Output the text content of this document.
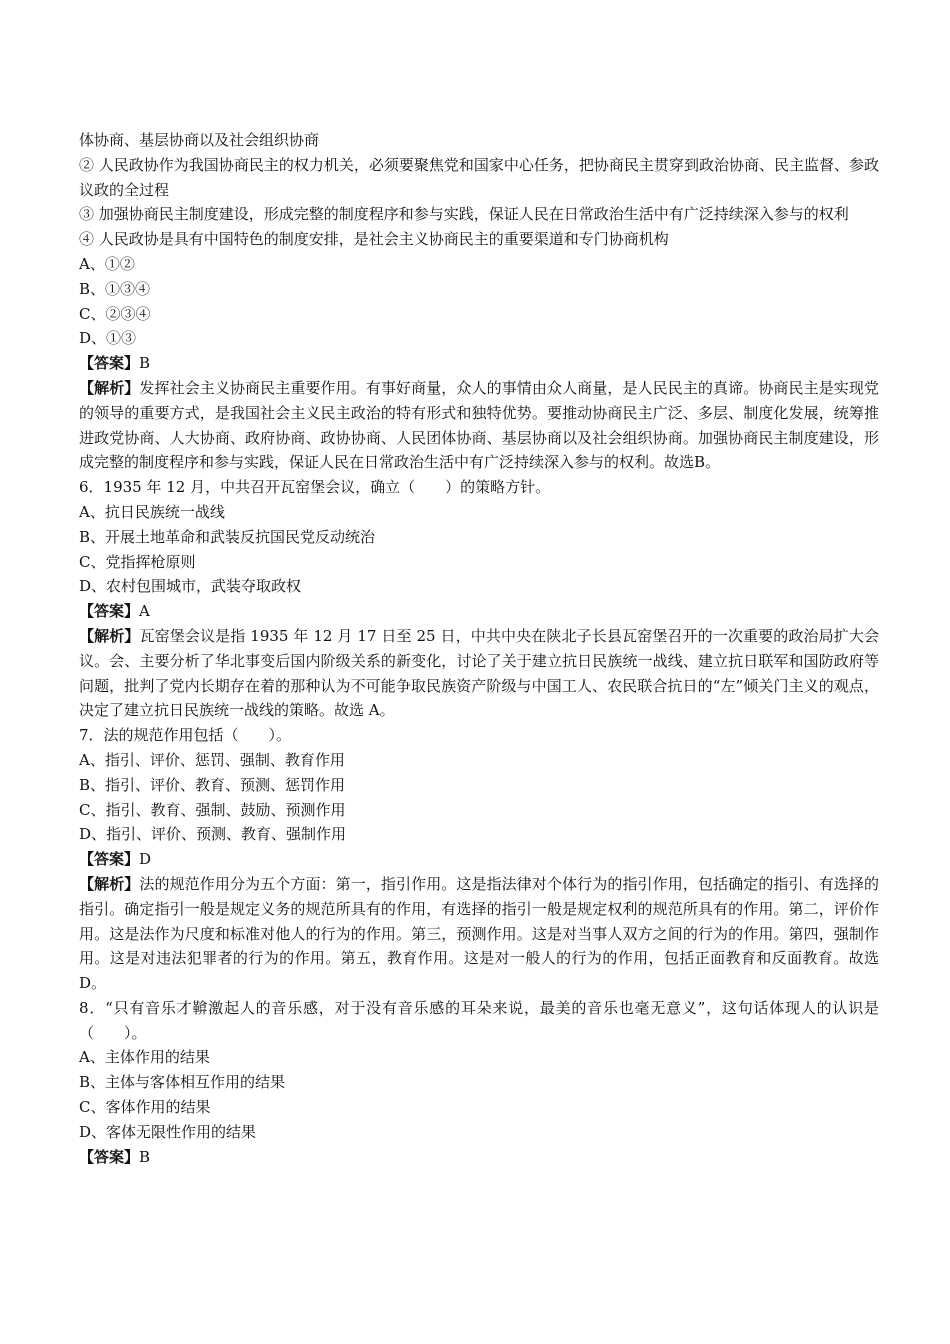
体协商、基层协商以及社会组织协商
② 人民政协作为我国协商民主的权力机关，必须要聚焦党和国家中心任务，把协商民主贯穿到政治协商、民主监督、参政议政的全过程
③ 加强协商民主制度建设，形成完整的制度程序和参与实践，保证人民在日常政治生活中有广泛持续深入参与的权利
④ 人民政协是具有中国特色的制度安排，是社会主义协商民主的重要渠道和专门协商机构
A、①②
B、①③④
C、②③④
D、①③
【答案】B
【解析】发挥社会主义协商民主重要作用。有事好商量，众人的事情由众人商量，是人民民主的真谛。协商民主是实现党的领导的重要方式，是我国社会主义民主政治的特有形式和独特优势。要推动协商民主广泛、多层、制度化发展，统筹推进政党协商、人大协商、政府协商、政协协商、人民团体协商、基层协商以及社会组织协商。加强协商民主制度建设，形成完整的制度程序和参与实践，保证人民在日常政治生活中有广泛持续深入参与的权利。故选B。
6．1935 年 12 月，中共召开瓦窑堡会议，确立（　　）的策略方针。
A、抗日民族统一战线
B、开展土地革命和武装反抗国民党反动统治
C、党指挥枪原则
D、农村包围城市，武装夺取政权
【答案】A
【解析】瓦窑堡会议是指 1935 年 12 月 17 日至 25 日，中共中央在陕北子长县瓦窑堡召开的一次重要的政治局扩大会议。会、主要分析了华北事变后国内阶级关系的新变化，讨论了关于建立抗日民族统一战线、建立抗日联军和国防政府等问题，批判了党内长期存在着的那种认为不可能争取民族资产阶级与中国工人、农民联合抗日的“左”倾关门主义的观点，决定了建立抗日民族统一战线的策略。故选 A。
7．法的规范作用包括（　　）。
A、指引、评价、惩罚、强制、教育作用
B、指引、评价、教育、预测、惩罚作用
C、指引、教育、强制、鼓励、预测作用
D、指引、评价、预测、教育、强制作用
【答案】D
【解析】法的规范作用分为五个方面：第一，指引作用。这是指法律对个体行为的指引作用，包括确定的指引、有选择的指引。确定指引一般是规定义务的规范所具有的作用，有选择的指引一般是规定权利的规范所具有的作用。第二，评价作用。这是法作为尺度和标准对他人的行为的作用。第三，预测作用。这是对当事人双方之间的行为的作用。第四，强制作用。这是对违法犯罪者的行为的作用。第五，教育作用。这是对一般人的行为的作用，包括正面教育和反面教育。故选 D。
8．“只有音乐才鞥激起人的音乐感，对于没有音乐感的耳朵来说，最美的音乐也毫无意义”，这句话体现人的认识是（　　）。
A、主体作用的结果
B、主体与客体相互作用的结果
C、客体作用的结果
D、客体无限性作用的结果
【答案】B
